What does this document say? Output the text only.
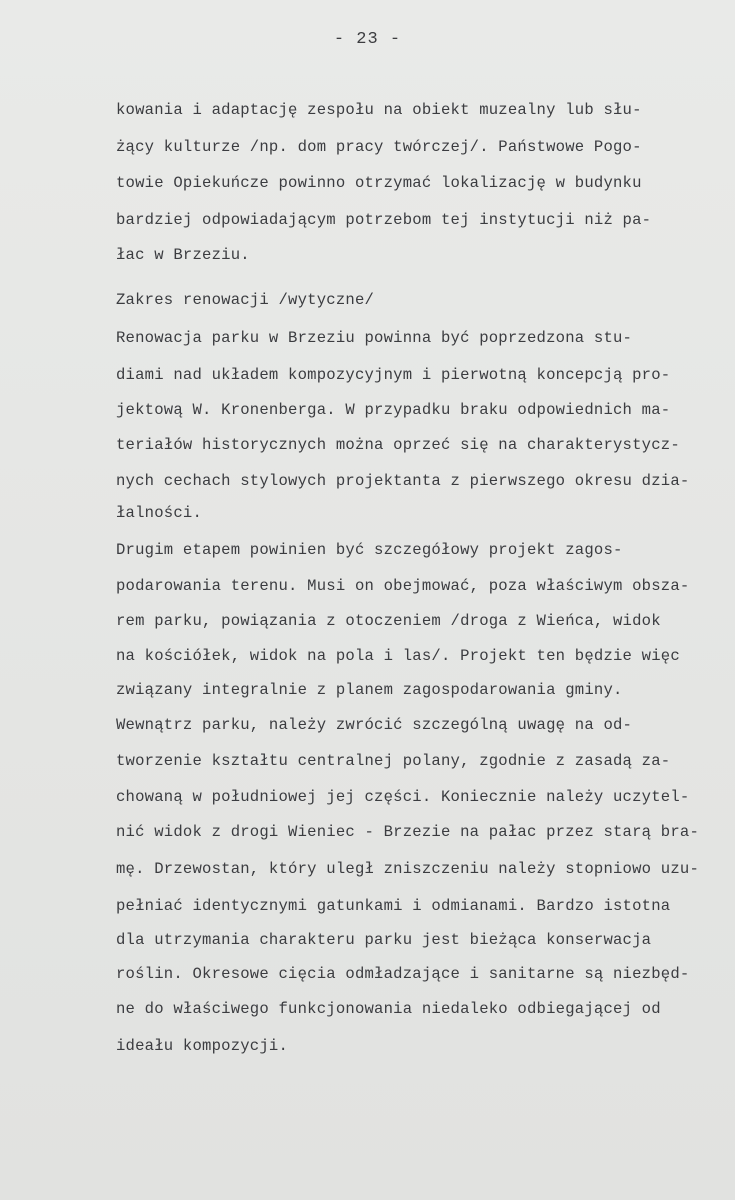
- 23 -
kowania i adaptację zespołu na obiekt muzealny lub słu-
żący kulturze /np. dom pracy twórczej/. Państwowe Pogo-
towie Opiekuńcze powinno otrzymać lokalizację w budynku
bardziej odpowiadającym potrzebom tej instytucji niż pa-
łac w Brzeziu.
Zakres renowacji /wytyczne/
Renowacja parku w Brzeziu powinna być poprzedzona stu-
diami nad układem kompozycyjnym i pierwotną koncepcją pro-
jektową W. Kronenberga. W przypadku braku odpowiednich ma-
teriałów historycznych można oprzeć się na charakterystycz-
nych cechach stylowych projektanta z pierwszego okresu dzia-
łalności.
Drugim etapem powinien być szczegółowy projekt zagos-
podarowania terenu. Musi on obejmować, poza właściwym obsza-
rem parku, powiązania z otoczeniem /droga z Wieńca, widok
na kościółek, widok na pola i las/. Projekt ten będzie więc
związany integralnie z planem zagospodarowania gminy.
Wewnątrz parku, należy zwrócić szczególną uwagę na od-
tworzenie kształtu centralnej polany, zgodnie z zasadą za-
chowaną w południowej jej części. Koniecznie należy uczytel-
nić widok z drogi Wieniec - Brzezie na pałac przez starą bra-
mę. Drzewostan, który uległ zniszczeniu należy stopniowo uzu-
pełniać identycznymi gatunkami i odmianami. Bardzo istotna
dla utrzymania charakteru parku jest bieżąca konserwacja
roślin. Okresowe cięcia odmładzające i sanitarne są niezbęd-
ne do właściwego funkcjonowania niedaleko odbiegającej od
ideału kompozycji.
